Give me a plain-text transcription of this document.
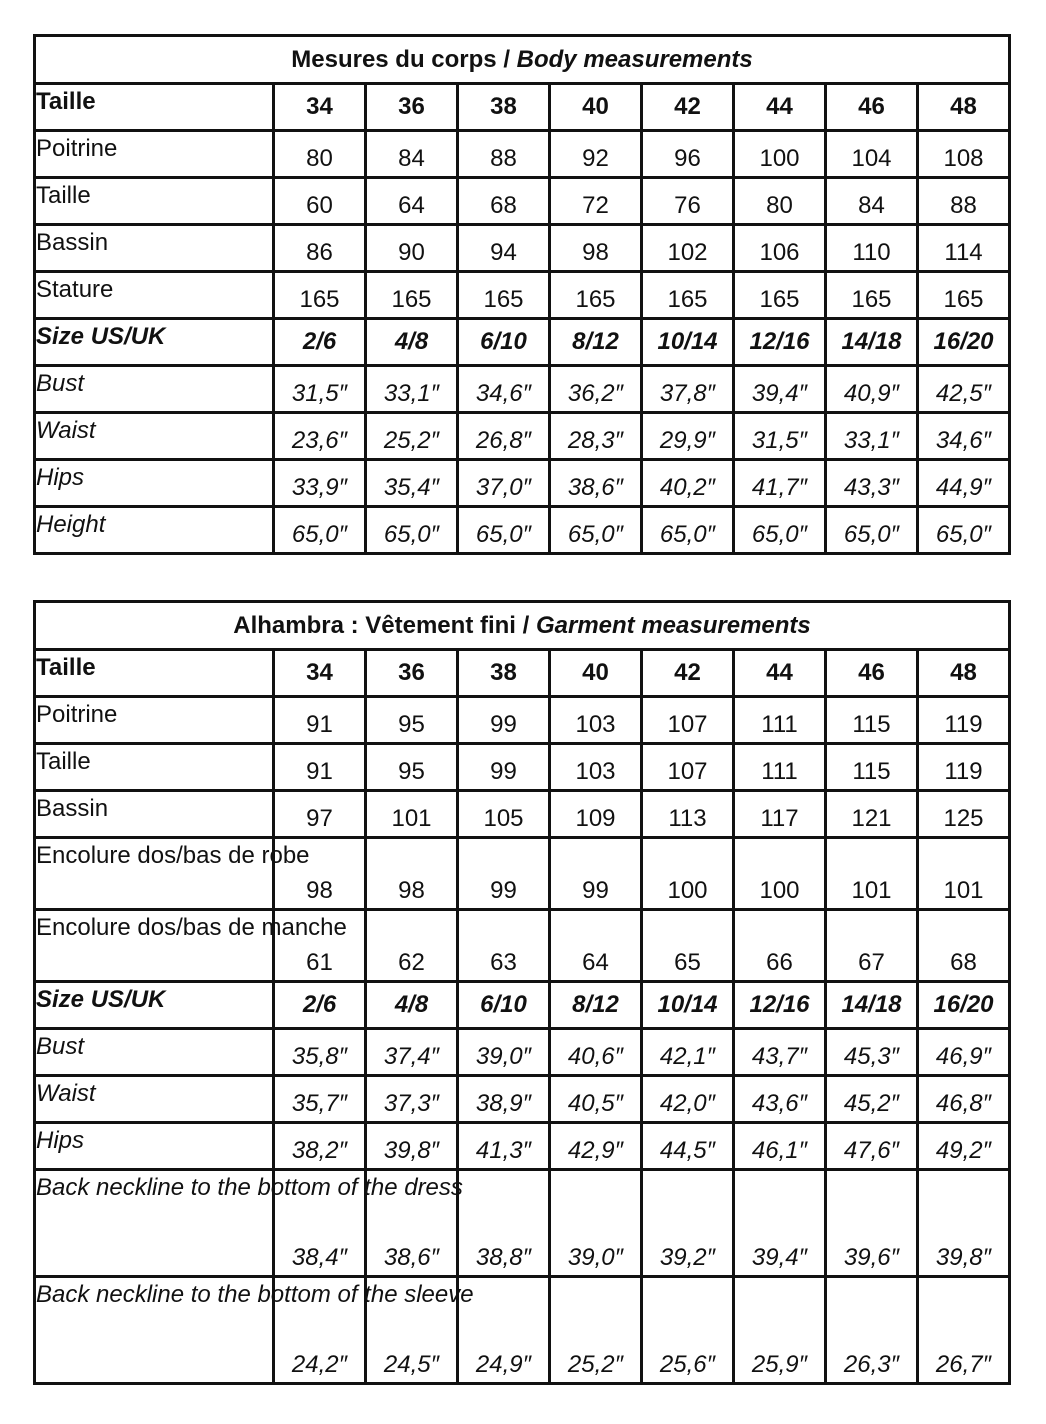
Mesures du corps / Body measurements								
Taille	34	36	38	40	42	44	46	48
Poitrine	80	84	88	92	96	100	104	108
Taille	60	64	68	72	76	80	84	88
Bassin	86	90	94	98	102	106	110	114
Stature	165	165	165	165	165	165	165	165
Size US/UK	2/6	4/8	6/10	8/12	10/14	12/16	14/18	16/20
Bust	31,5″	33,1″	34,6″	36,2″	37,8″	39,4″	40,9″	42,5″
Waist	23,6″	25,2″	26,8″	28,3″	29,9″	31,5″	33,1″	34,6″
Hips	33,9″	35,4″	37,0″	38,6″	40,2″	41,7″	43,3″	44,9″
Height	65,0″	65,0″	65,0″	65,0″	65,0″	65,0″	65,0″	65,0″
Alhambra : Vêtement fini / Garment measurements								
Taille	34	36	38	40	42	44	46	48
Poitrine	91	95	99	103	107	111	115	119
Taille	91	95	99	103	107	111	115	119
Bassin	97	101	105	109	113	117	121	125
Encolure dos/bas de robe	98	98	99	99	100	100	101	101
Encolure dos/bas de manche	61	62	63	64	65	66	67	68
Size US/UK	2/6	4/8	6/10	8/12	10/14	12/16	14/18	16/20
Bust	35,8″	37,4″	39,0″	40,6″	42,1″	43,7″	45,3″	46,9″
Waist	35,7″	37,3″	38,9″	40,5″	42,0″	43,6″	45,2″	46,8″
Hips	38,2″	39,8″	41,3″	42,9″	44,5″	46,1″	47,6″	49,2″
Back neckline to the bottom of the dress	38,4″	38,6″	38,8″	39,0″	39,2″	39,4″	39,6″	39,8″
Back neckline to the bottom of the sleeve	24,2″	24,5″	24,9″	25,2″	25,6″	25,9″	26,3″	26,7″
